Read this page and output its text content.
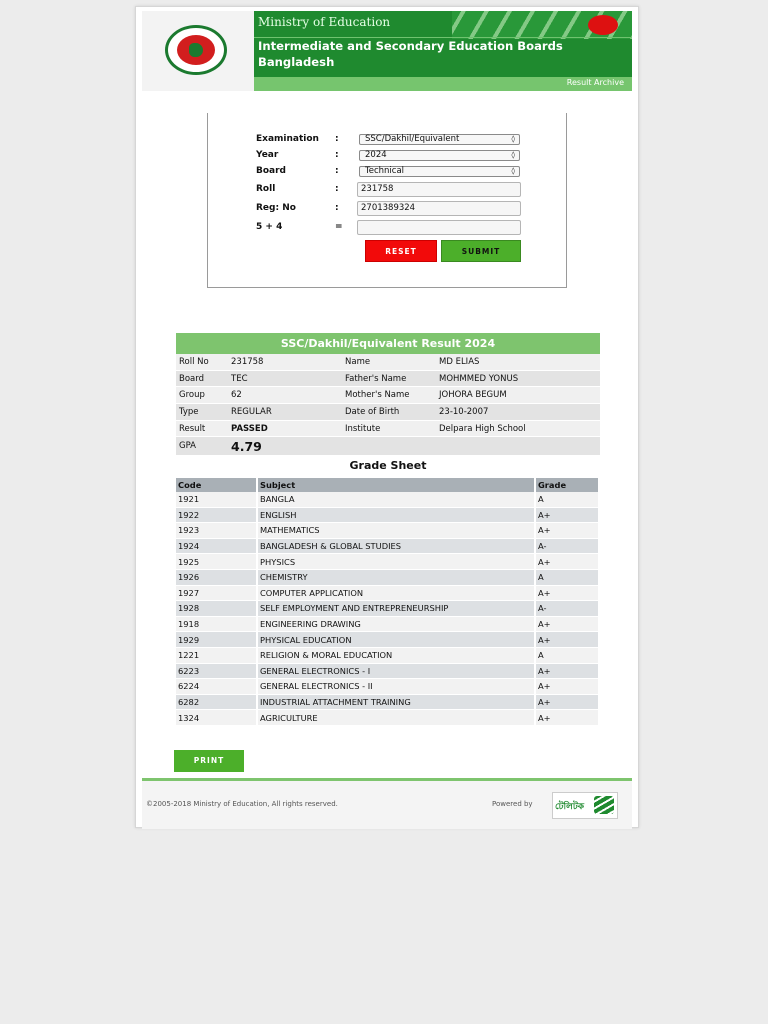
Ministry of Education
Intermediate and Secondary Education Boards
Bangladesh
Result Archive
Examination :	SSC/Dakhil/Equivalent	◊
Year	:	2024	◊
Board	:	Technical	◊
Roll	:	231758
Reg: No	:	2701389324
5 + 4	=
RESET	SUBMIT
SSC/Dakhil/Equivalent Result 2024
Roll No	231758	Name	MD ELIAS
Board	TEC	Father's Name	MOHMMED YONUS
Group	62	Mother's Name	JOHORA BEGUM
Type	REGULAR	Date of Birth	23-10-2007
Result	PASSED	Institute	Delpara High School
GPA	4.79		
Grade Sheet
Code	Subject	Grade
1921	BANGLA	A
1922	ENGLISH	A+
1923	MATHEMATICS	A+
1924	BANGLADESH & GLOBAL STUDIES	A-
1925	PHYSICS	A+
1926	CHEMISTRY	A
1927	COMPUTER APPLICATION	A+
1928	SELF EMPLOYMENT AND ENTREPRENEURSHIP	A-
1918	ENGINEERING DRAWING	A+
1929	PHYSICAL EDUCATION	A+
1221	RELIGION & MORAL EDUCATION	A
6223	GENERAL ELECTRONICS - I	A+
6224	GENERAL ELECTRONICS - II	A+
6282	INDUSTRIAL ATTACHMENT TRAINING	A+
1324	AGRICULTURE	A+
PRINT
©2005-2018 Ministry of Education, All rights reserved.	Powered by টেলিটক
